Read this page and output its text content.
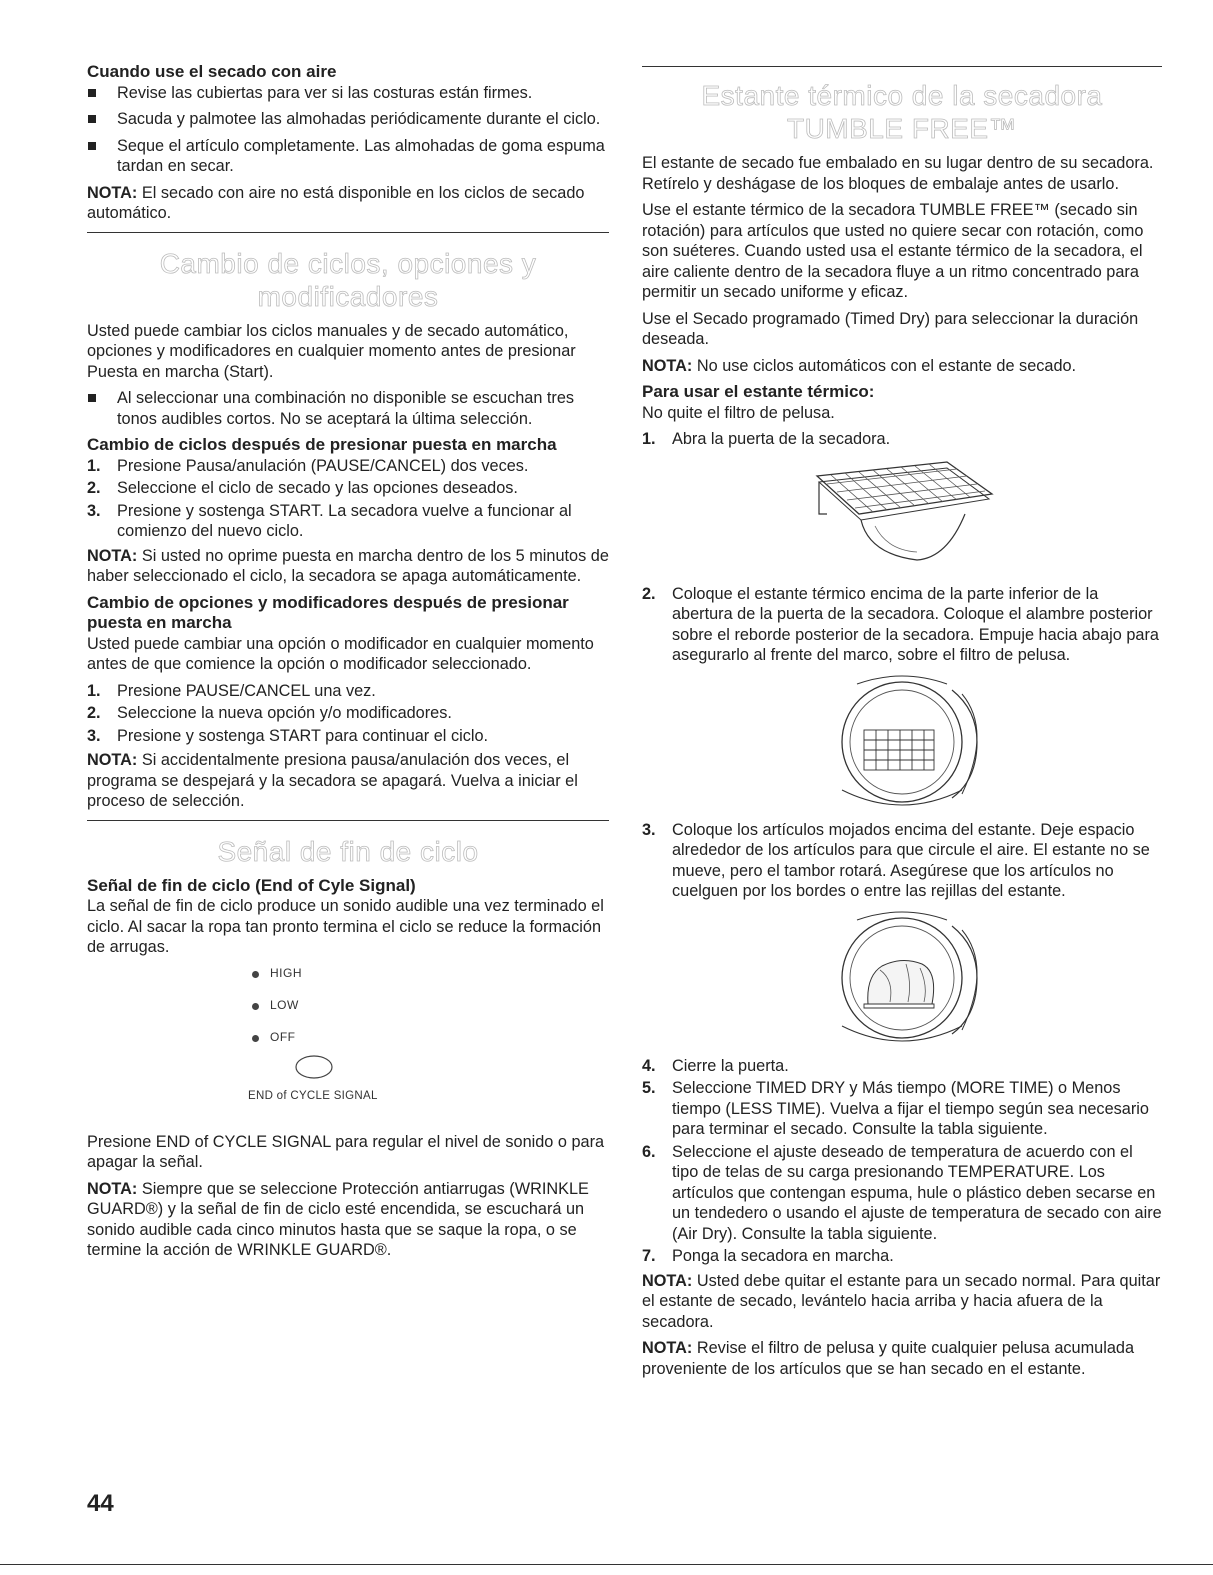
Cuando use el secado con aire
Revise las cubiertas para ver si las costuras están firmes.
Sacuda y palmotee las almohadas periódicamente durante el ciclo.
Seque el artículo completamente. Las almohadas de goma espuma tardan en secar.

NOTA: El secado con aire no está disponible en los ciclos de secado automático.

Cambio de ciclos, opciones y modificadores

Usted puede cambiar los ciclos manuales y de secado automático, opciones y modificadores en cualquier momento antes de presionar Puesta en marcha (Start).

Al seleccionar una combinación no disponible se escuchan tres tonos audibles cortos. No se aceptará la última selección.
Cambio de ciclos después de presionar puesta en marcha
1. Presione Pausa/anulación (PAUSE/CANCEL) dos veces.
2. Seleccione el ciclo de secado y las opciones deseados.
3. Presione y sostenga START. La secadora vuelve a funcionar al comienzo del nuevo ciclo.

NOTA: Si usted no oprime puesta en marcha dentro de los 5 minutos de haber seleccionado el ciclo, la secadora se apaga automáticamente.

Cambio de opciones y modificadores después de presionar puesta en marcha

Usted puede cambiar una opción o modificador en cualquier momento antes de que comience la opción o modificador seleccionado.

1. Presione PAUSE/CANCEL una vez.
2. Seleccione la nueva opción y/o modificadores.
3. Presione y sostenga START para continuar el ciclo.

NOTA: Si accidentalmente presiona pausa/anulación dos veces, el programa se despejará y la secadora se apagará. Vuelva a iniciar el proceso de selección.

Señal de fin de ciclo
Señal de fin de ciclo (End of Cyle Signal)

La señal de fin de ciclo produce un sonido audible una vez terminado el ciclo. Al sacar la ropa tan pronto termina el ciclo se reduce la formación de arrugas.

HIGH
LOW
OFF
END of CYCLE SIGNAL

Presione END of CYCLE SIGNAL para regular el nivel de sonido o para apagar la señal.

NOTA: Siempre que se seleccione Protección antiarrugas (WRINKLE GUARD®) y la señal de fin de ciclo esté encendida, se escuchará un sonido audible cada cinco minutos hasta que se saque la ropa, o se termine la acción de WRINKLE GUARD®.

Estante térmico de la secadora TUMBLE FREE™

El estante de secado fue embalado en su lugar dentro de su secadora. Retírelo y deshágase de los bloques de embalaje antes de usarlo.

Use el estante térmico de la secadora TUMBLE FREE™ (secado sin rotación) para artículos que usted no quiere secar con rotación, como son suéteres. Cuando usted usa el estante térmico de la secadora, el aire caliente dentro de la secadora fluye a un ritmo concentrado para permitir un secado uniforme y eficaz.

Use el Secado programado (Timed Dry) para seleccionar la duración deseada.

NOTA: No use ciclos automáticos con el estante de secado.

Para usar el estante térmico:

No quite el filtro de pelusa.

1. Abra la puerta de la secadora.
2. Coloque el estante térmico encima de la parte inferior de la abertura de la puerta de la secadora. Coloque el alambre posterior sobre el reborde posterior de la secadora. Empuje hacia abajo para asegurarlo al frente del marco, sobre el filtro de pelusa.
3. Coloque los artículos mojados encima del estante. Deje espacio alrededor de los artículos para que circule el aire. El estante no se mueve, pero el tambor rotará. Asegúrese que los artículos no cuelguen por los bordes o entre las rejillas del estante.
4. Cierre la puerta.
5. Seleccione TIMED DRY y Más tiempo (MORE TIME) o Menos tiempo (LESS TIME). Vuelva a fijar el tiempo según sea necesario para terminar el secado. Consulte la tabla siguiente.
6. Seleccione el ajuste deseado de temperatura de acuerdo con el tipo de telas de su carga presionando TEMPERATURE. Los artículos que contengan espuma, hule o plástico deben secarse en un tendedero o usando el ajuste de temperatura de secado con aire (Air Dry). Consulte la tabla siguiente.
7. Ponga la secadora en marcha.

NOTA: Usted debe quitar el estante para un secado normal. Para quitar el estante de secado, levántelo hacia arriba y hacia afuera de la secadora.

NOTA: Revise el filtro de pelusa y quite cualquier pelusa acumulada proveniente de los artículos que se han secado en el estante.

44
